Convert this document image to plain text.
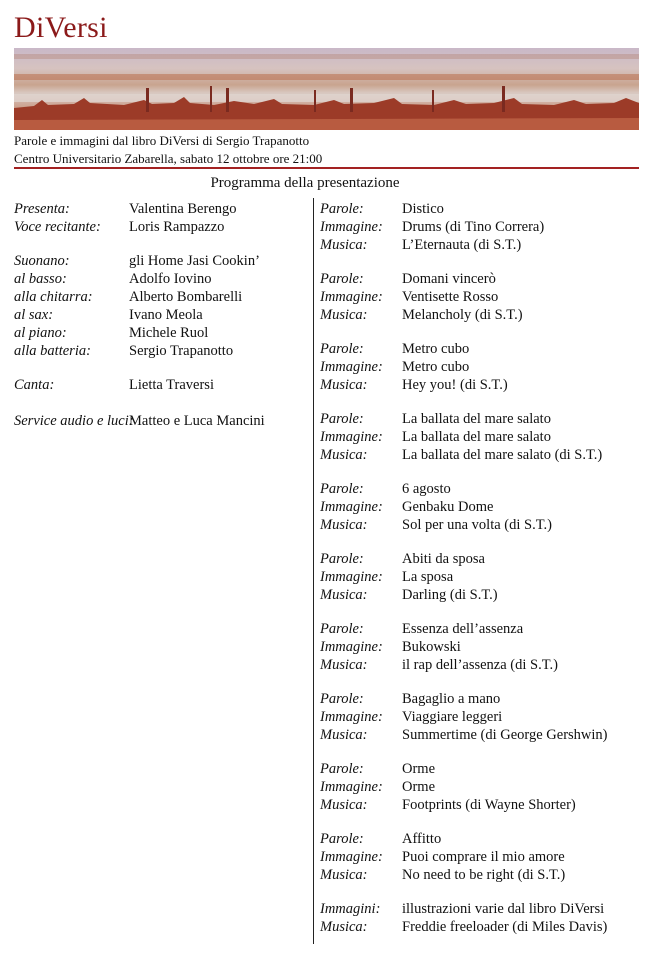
DiVersi
Parole e immagini dal libro DiVersi di Sergio Trapanotto
Centro Universitario Zabarella, sabato 12 ottobre ore 21:00
Programma della presentazione
Presenta:	Valentina Berengo
Voce recitante: Loris Rampazzo
Suonano:	gli Home Jasi Cookin’
al basso:	Adolfo Iovino
alla chitarra:	Alberto Bombarelli
al sax:	Ivano Meola
al piano:	Michele Ruol
alla batteria:	Sergio Trapanotto
Canta:	Lietta Traversi
Service audio e luci:
Matteo e Luca Mancini
Parole:	Distico
Immagine: Drums (di Tino Correra)
Musica: L’Eternauta (di S.T.)
Parole:	Domani vincerò
Immagine: Ventisette Rosso
Musica: Melancholy (di S.T.)
Parole:	Metro cubo
Immagine: Metro cubo
Musica: Hey you! (di S.T.)
Parole:	La ballata del mare salato
Immagine: La ballata del mare salato
Musica: La ballata del mare salato (di S.T.)
Parole:	6 agosto
Immagine: Genbaku Dome
Musica: Sol per una volta (di S.T.)
Parole:	Abiti da sposa
Immagine: La sposa
Musica: Darling (di S.T.)
Parole:	Essenza dell’assenza
Immagine: Bukowski
Musica: il rap dell’assenza (di S.T.)
Parole:	Bagaglio a mano
Immagine: Viaggiare leggeri
Musica: Summertime (di George Gershwin)
Parole:	Orme
Immagine: Orme
Musica: Footprints (di Wayne Shorter)
Parole:	Affitto
Immagine: Puoi comprare il mio amore
Musica: No need to be right (di S.T.)
Immagini: illustrazioni varie dal libro DiVersi
Musica: Freddie freeloader (di Miles Davis)
